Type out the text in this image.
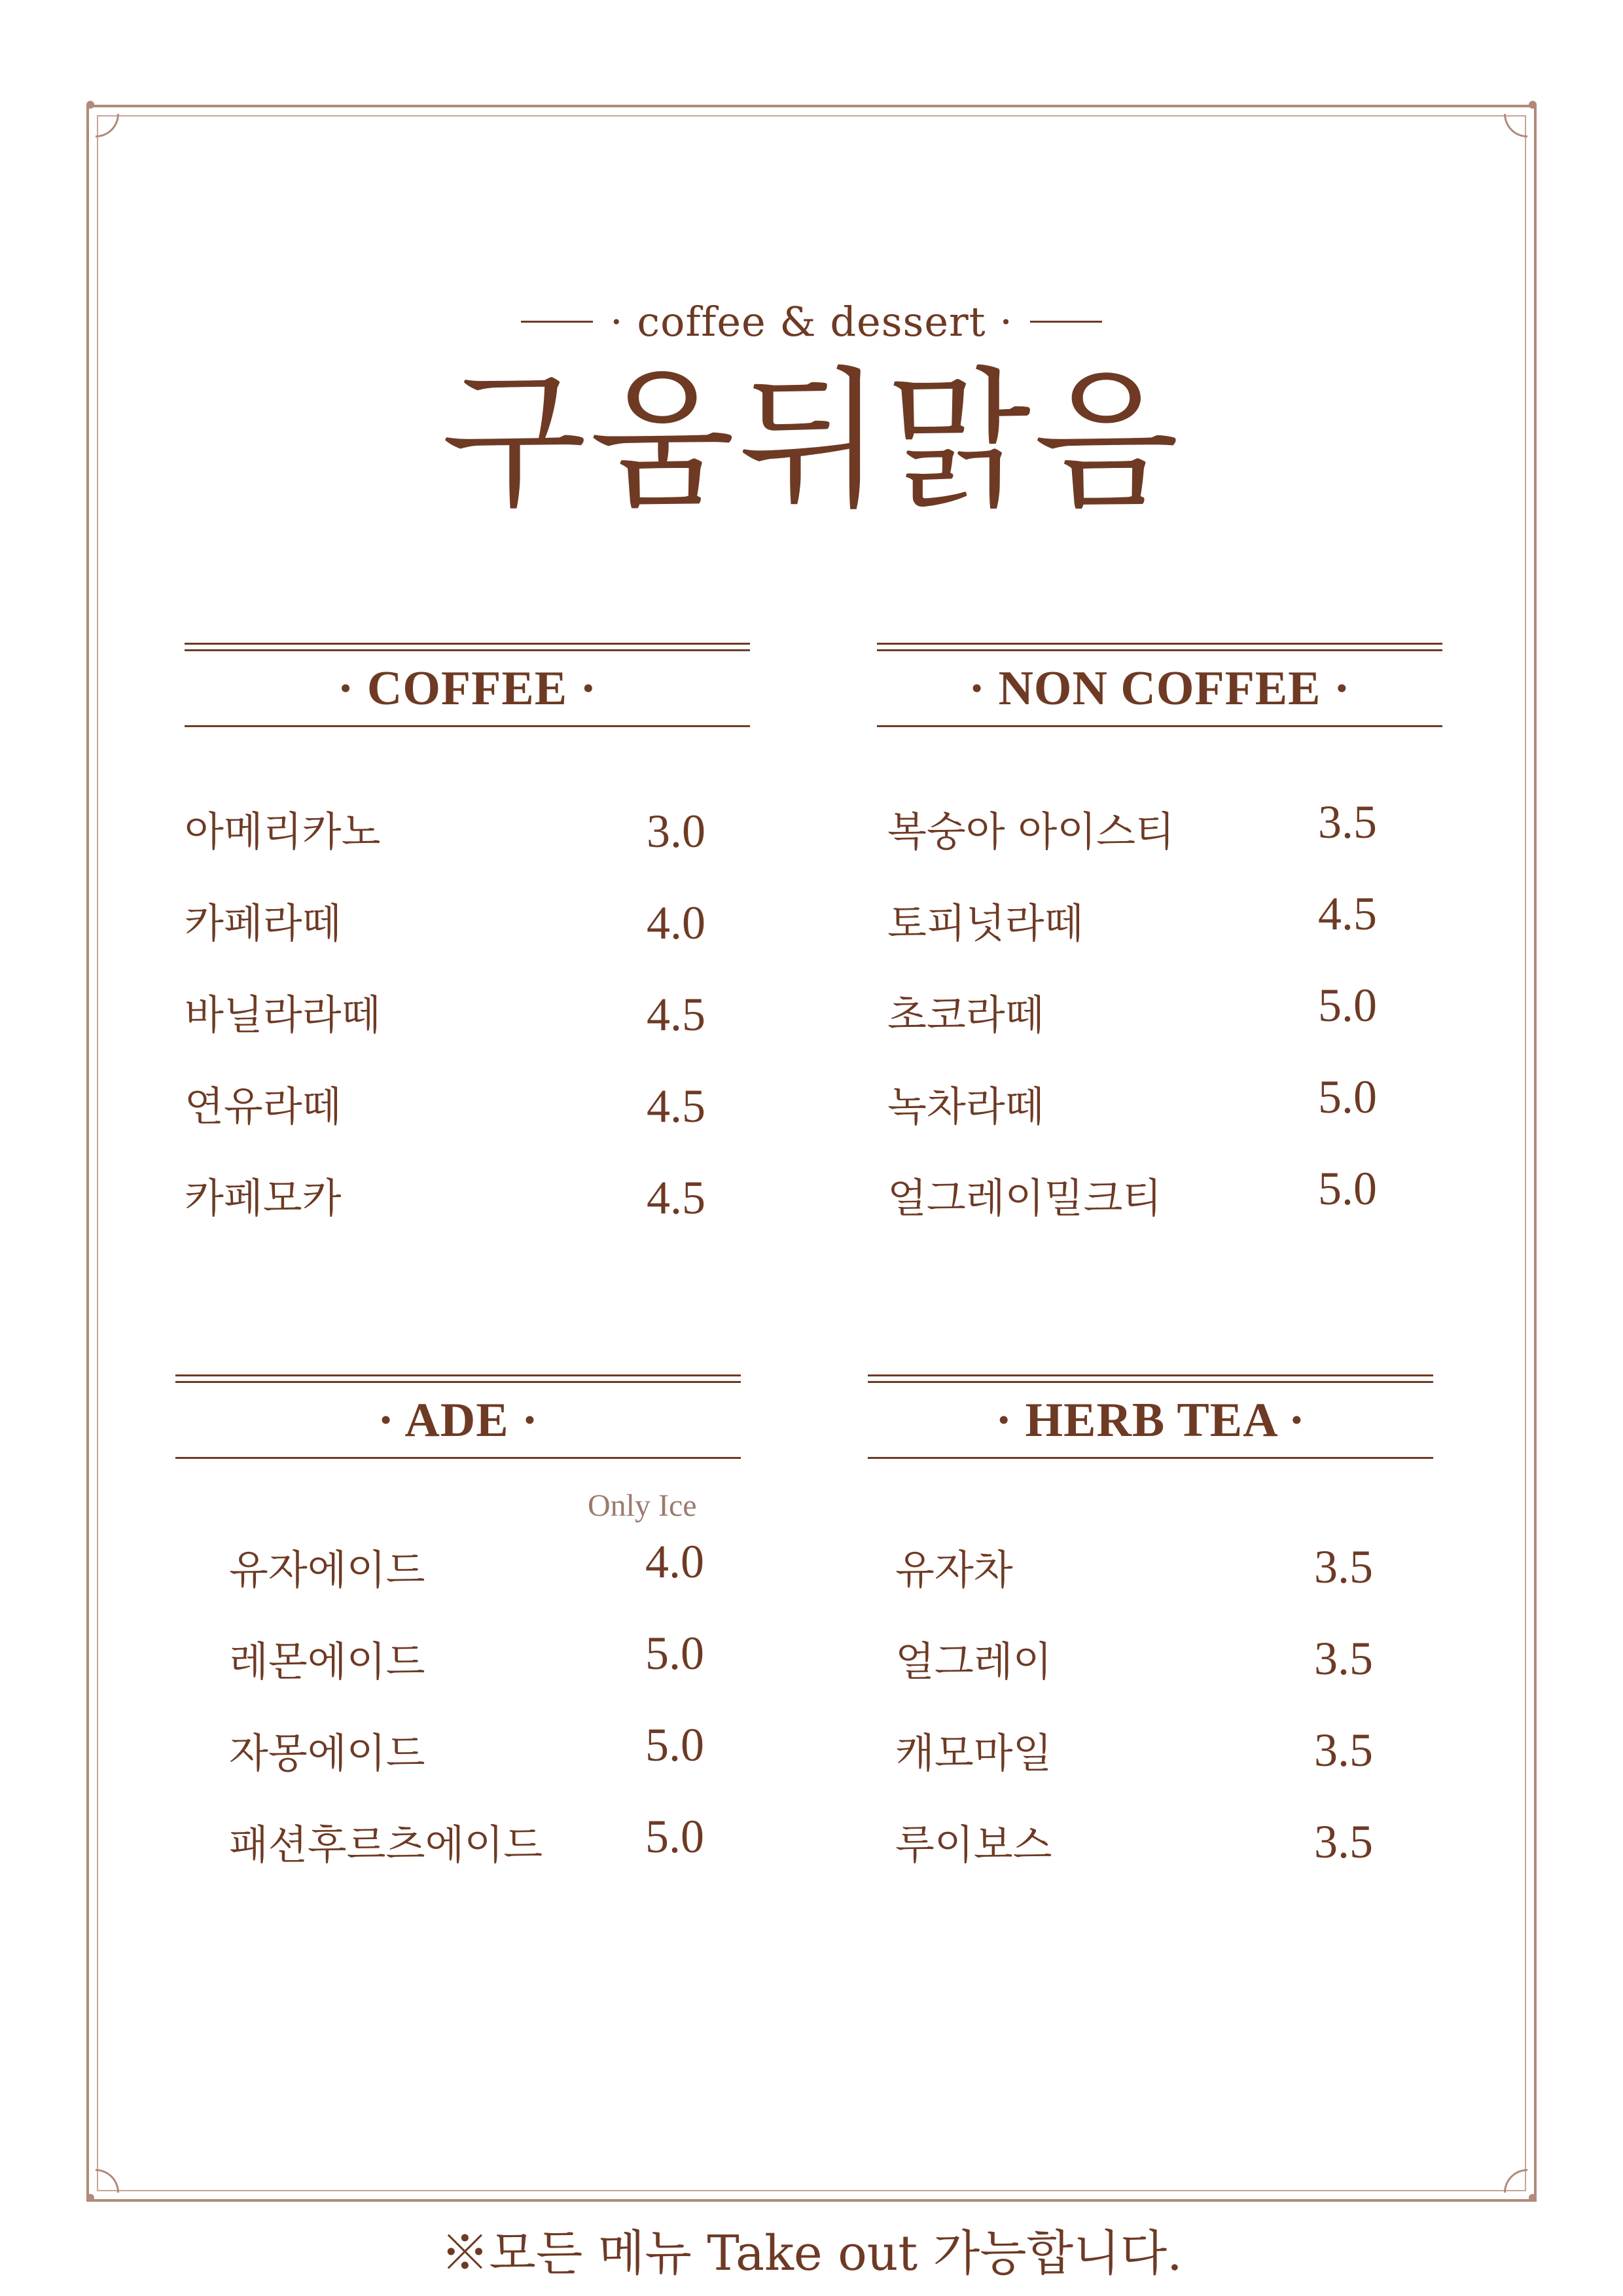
· coffee & dessert ·
구움뒤맑음
· COFFEE ·
아메리카노	3.0
카페라떼	4.0
바닐라라떼	4.5
연유라떼	4.5
카페모카	4.5
· NON COFFEE ·
복숭아 아이스티	3.5
토피넛라떼	4.5
초코라떼	5.0
녹차라떼	5.0
얼그레이밀크티	5.0
· ADE ·
Only Ice
유자에이드	4.0
레몬에이드	5.0
자몽에이드	5.0
패션후르츠에이드 5.0
· HERB TEA ·
유자차	3.5
얼그레이	3.5
캐모마일	3.5
루이보스	3.5
※모든 메뉴 Take out 가능합니다.
